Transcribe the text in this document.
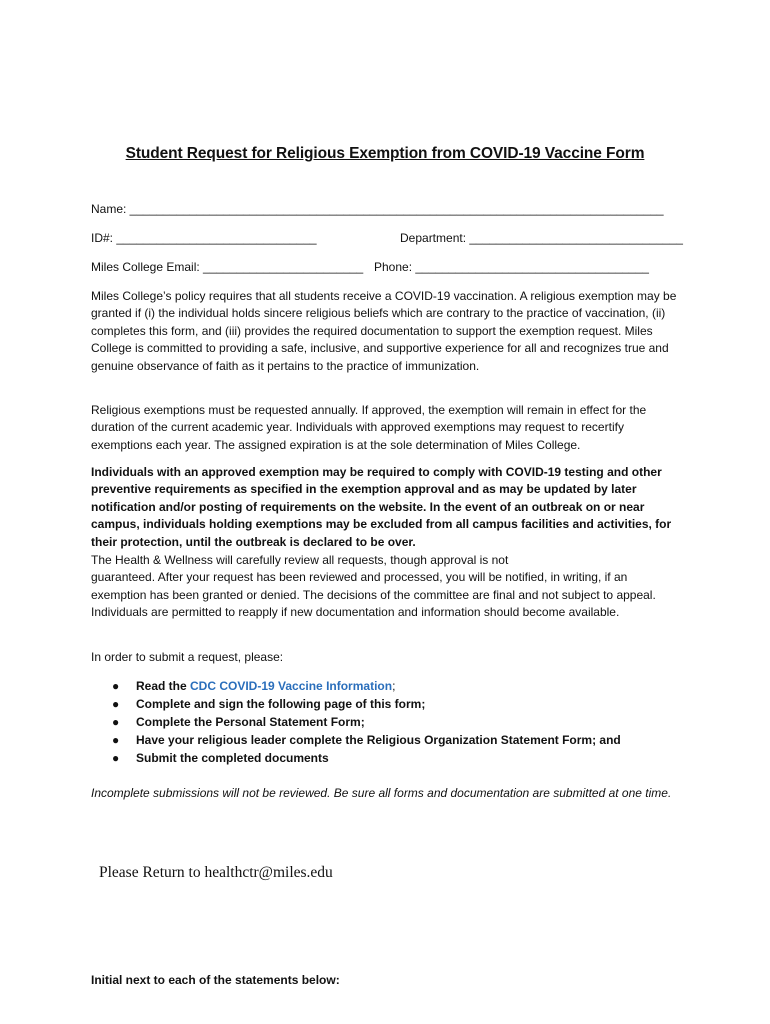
Student Request for Religious Exemption from COVID-19 Vaccine Form
Name: ________________________________________________________________________________
ID#: ______________________________	Department: ________________________________
Miles College Email: ________________________ Phone: ___________________________________

Miles College’s policy requires that all students receive a COVID-19 vaccination. A religious exemption may be granted if (i) the individual holds sincere religious beliefs which are contrary to the practice of vaccination, (ii) completes this form, and (iii) provides the required documentation to support the exemption request. Miles College is committed to providing a safe, inclusive, and supportive experience for all and recognizes true and genuine observance of faith as it pertains to the practice of immunization.

Religious exemptions must be requested annually. If approved, the exemption will remain in effect for the duration of the current academic year. Individuals with approved exemptions may request to recertify exemptions each year. The assigned expiration is at the sole determination of Miles College.

Individuals with an approved exemption may be required to comply with COVID-19 testing and other preventive requirements as specified in the exemption approval and as may be updated by later notification and/or posting of requirements on the website. In the event of an outbreak on or near campus, individuals holding exemptions may be excluded from all campus facilities and activities, for their protection, until the outbreak is declared to be over.

The Health & Wellness will carefully review all requests, though approval is not
guaranteed. After your request has been reviewed and processed, you will be notified, in writing, if an exemption has been granted or denied. The decisions of the committee are final and not subject to appeal. Individuals are permitted to reapply if new documentation and information should become available.

In order to submit a request, please:

● Read the CDC COVID-19 Vaccine Information;
● Complete and sign the following page of this form;
● Complete the Personal Statement Form;
● Have your religious leader complete the Religious Organization Statement Form; and
● Submit the completed documents

Incomplete submissions will not be reviewed. Be sure all forms and documentation are submitted at one time.

Please Return to healthctr@miles.edu
Initial next to each of the statements below:
